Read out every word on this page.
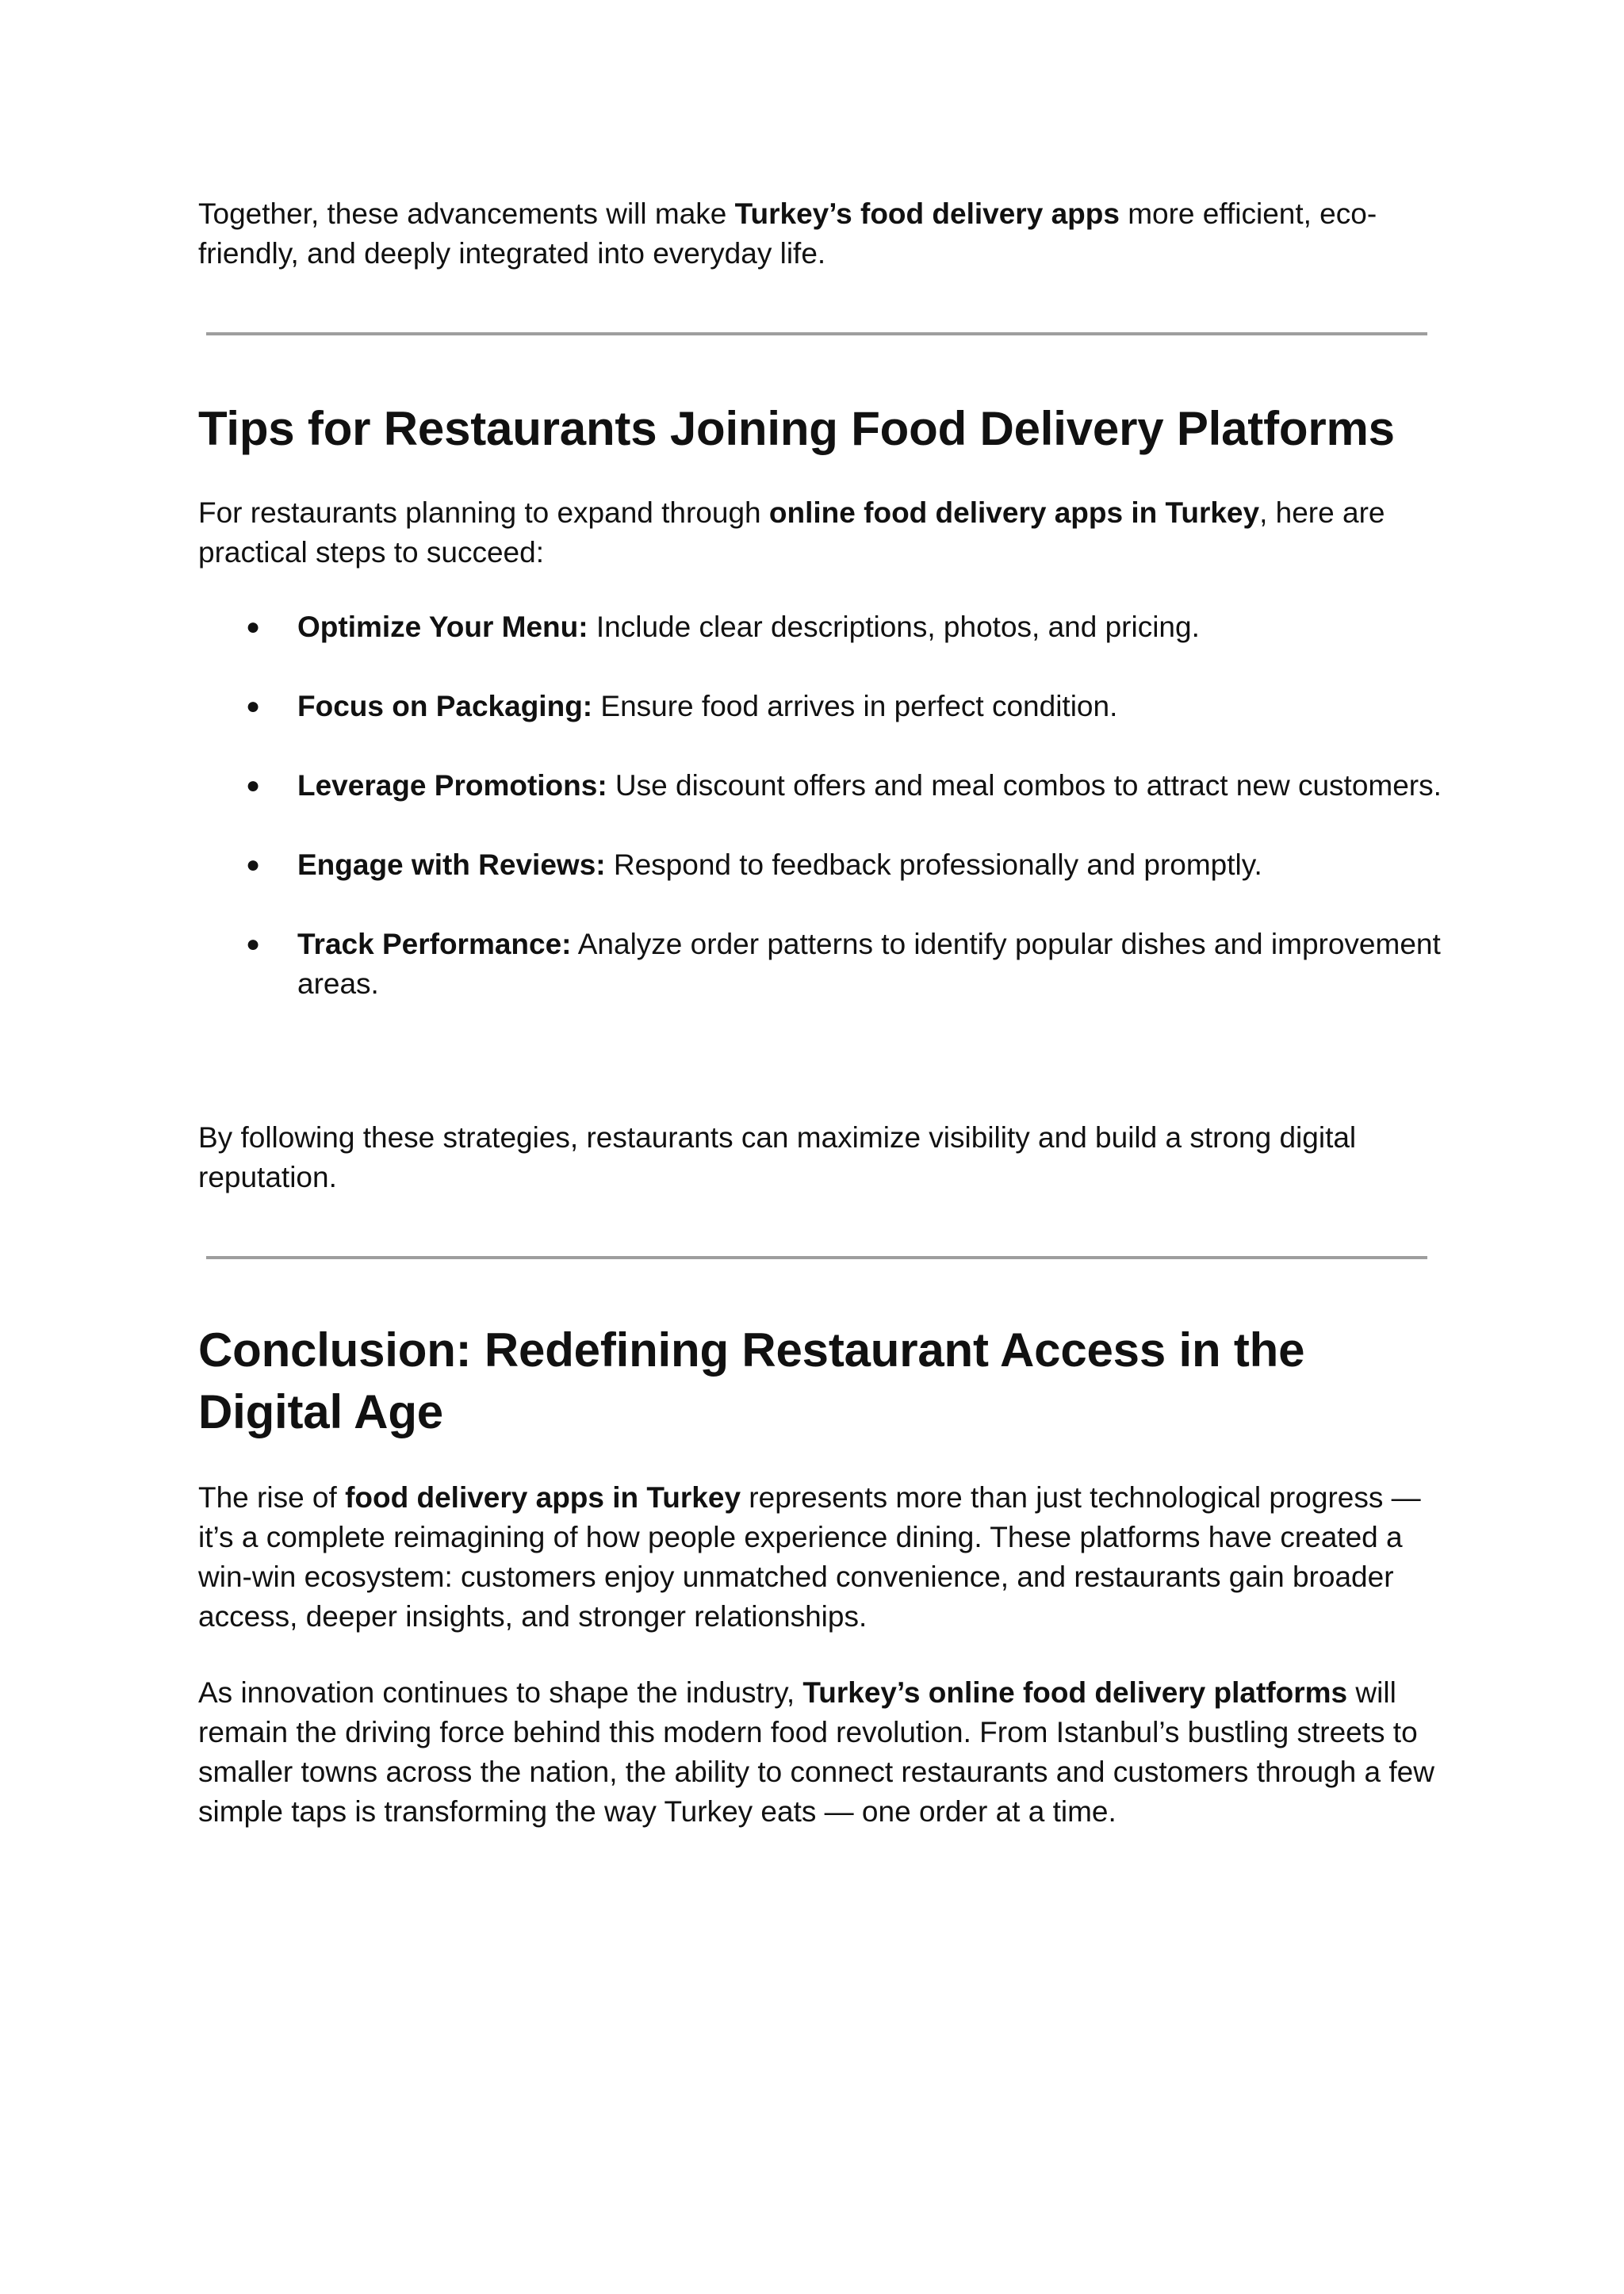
Together, these advancements will make Turkey’s food delivery apps more efficient, eco-friendly, and deeply integrated into everyday life.

Tips for Restaurants Joining Food Delivery Platforms

For restaurants planning to expand through online food delivery apps in Turkey, here are practical steps to succeed:

● Optimize Your Menu: Include clear descriptions, photos, and pricing.
● Focus on Packaging: Ensure food arrives in perfect condition.
● Leverage Promotions: Use discount offers and meal combos to attract new customers.
● Engage with Reviews: Respond to feedback professionally and promptly.
● Track Performance: Analyze order patterns to identify popular dishes and improvement areas.

By following these strategies, restaurants can maximize visibility and build a strong digital reputation.

Conclusion: Redefining Restaurant Access in the Digital Age

The rise of food delivery apps in Turkey represents more than just technological progress — it’s a complete reimagining of how people experience dining. These platforms have created a win-win ecosystem: customers enjoy unmatched convenience, and restaurants gain broader access, deeper insights, and stronger relationships.

As innovation continues to shape the industry, Turkey’s online food delivery platforms will remain the driving force behind this modern food revolution. From Istanbul’s bustling streets to smaller towns across the nation, the ability to connect restaurants and customers through a few simple taps is transforming the way Turkey eats — one order at a time.
